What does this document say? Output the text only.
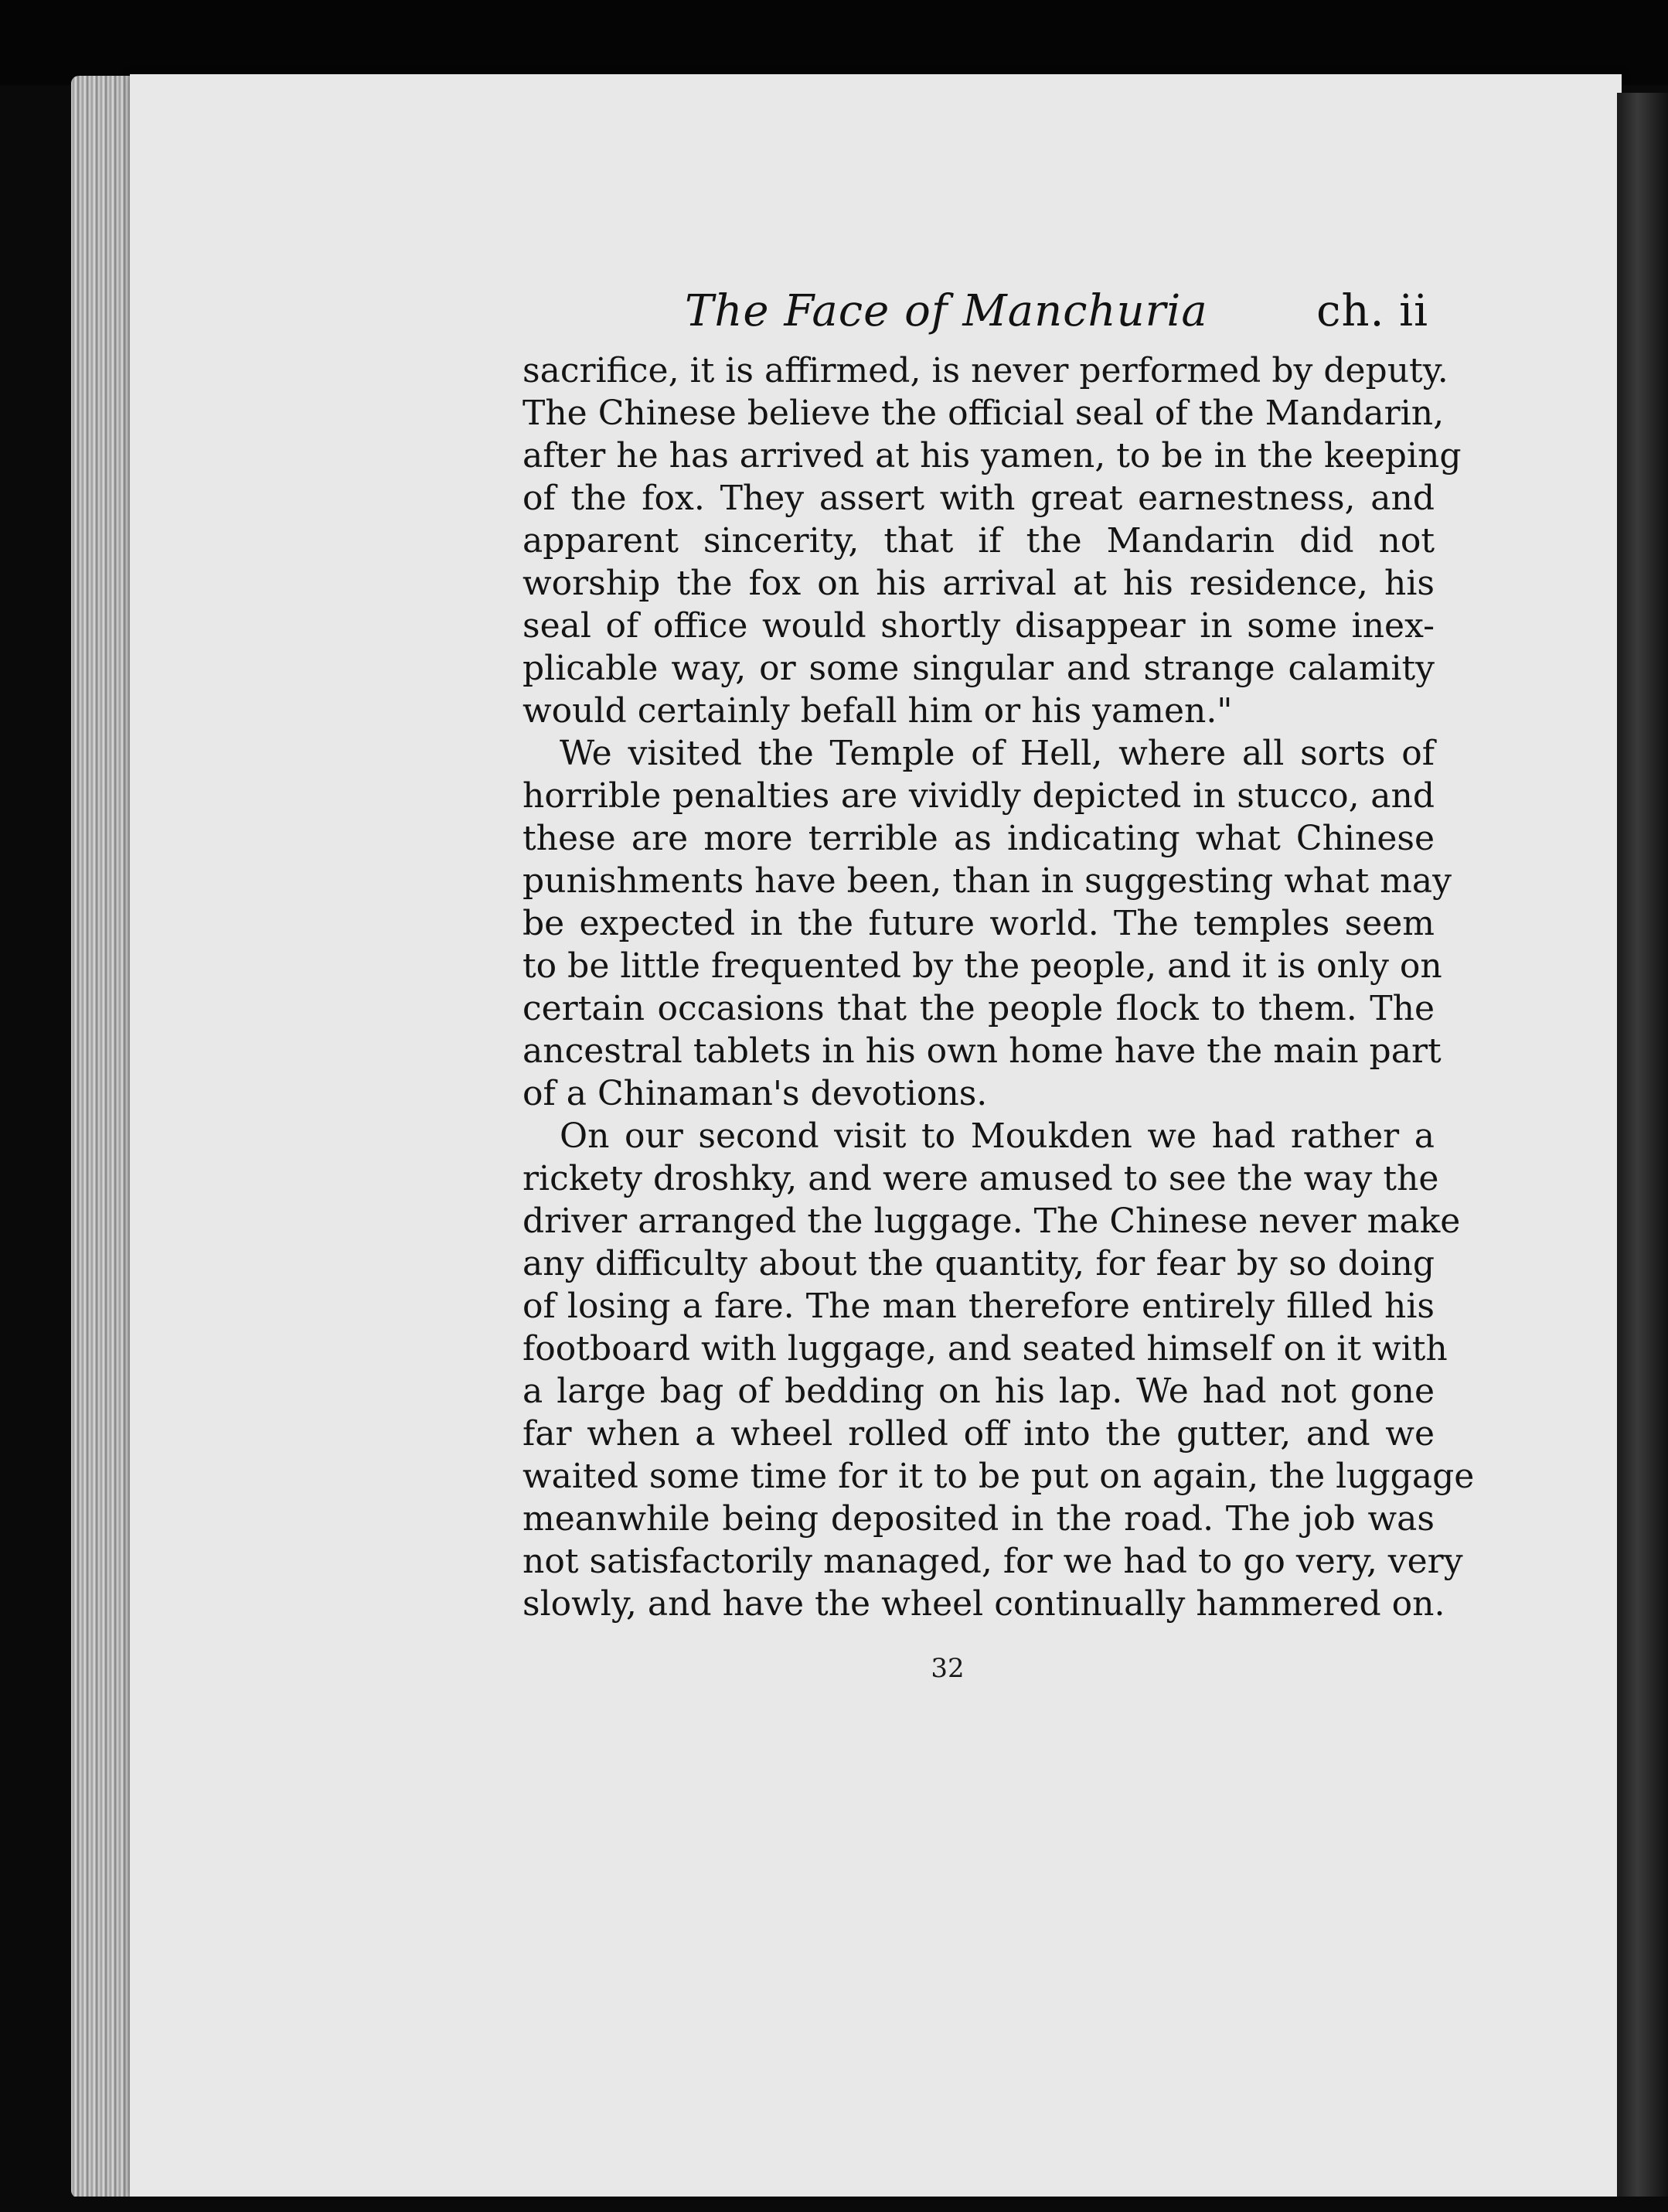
The Face of Manchuria	ch. ii
sacrifice, it is affirmed, is never performed by deputy.
The Chinese believe the official seal of the Mandarin,
after he has arrived at his yamen, to be in the keeping
of the fox. They assert with great earnestness, and
apparent sincerity, that if the Mandarin did not
worship the fox on his arrival at his residence, his
seal of office would shortly disappear in some inex-
plicable way, or some singular and strange calamity
would certainly befall him or his yamen."
We visited the Temple of Hell, where all sorts of
horrible penalties are vividly depicted in stucco, and
these are more terrible as indicating what Chinese
punishments have been, than in suggesting what may
be expected in the future world. The temples seem
to be little frequented by the people, and it is only on
certain occasions that the people flock to them. The
ancestral tablets in his own home have the main part
of a Chinaman's devotions.
On our second visit to Moukden we had rather a
rickety droshky, and were amused to see the way the
driver arranged the luggage. The Chinese never make
any difficulty about the quantity, for fear by so doing
of losing a fare. The man therefore entirely filled his
footboard with luggage, and seated himself on it with
a large bag of bedding on his lap. We had not gone
far when a wheel rolled off into the gutter, and we
waited some time for it to be put on again, the luggage
meanwhile being deposited in the road. The job was
not satisfactorily managed, for we had to go very, very
slowly, and have the wheel continually hammered on.
32
